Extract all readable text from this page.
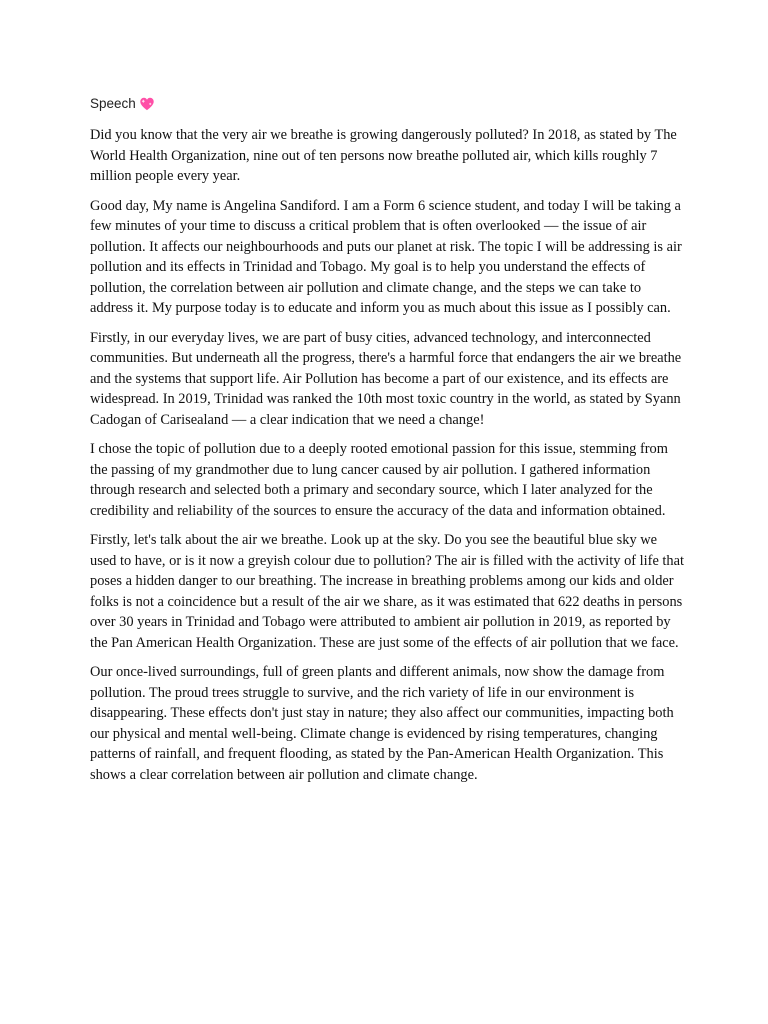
Speech

Did you know that the very air we breathe is growing dangerously polluted? In 2018, as stated by The World Health Organization, nine out of ten persons now breathe polluted air, which kills roughly 7 million people every year.

Good day, My name is Angelina Sandiford. I am a Form 6 science student, and today I will be taking a few minutes of your time to discuss a critical problem that is often overlooked — the issue of air pollution. It affects our neighbourhoods and puts our planet at risk. The topic I will be addressing is air pollution and its effects in Trinidad and Tobago. My goal is to help you understand the effects of pollution, the correlation between air pollution and climate change, and the steps we can take to address it. My purpose today is to educate and inform you as much about this issue as I possibly can.

Firstly, in our everyday lives, we are part of busy cities, advanced technology, and interconnected communities. But underneath all the progress, there's a harmful force that endangers the air we breathe and the systems that support life. Air Pollution has become a part of our existence, and its effects are widespread. In 2019, Trinidad was ranked the 10th most toxic country in the world, as stated by Syann Cadogan of Carisealand — a clear indication that we need a change!

I chose the topic of pollution due to a deeply rooted emotional passion for this issue, stemming from the passing of my grandmother due to lung cancer caused by air pollution. I gathered information through research and selected both a primary and secondary source, which I later analyzed for the credibility and reliability of the sources to ensure the accuracy of the data and information obtained.

Firstly, let's talk about the air we breathe. Look up at the sky. Do you see the beautiful blue sky we used to have, or is it now a greyish colour due to pollution? The air is filled with the activity of life that poses a hidden danger to our breathing. The increase in breathing problems among our kids and older folks is not a coincidence but a result of the air we share, as it was estimated that 622 deaths in persons over 30 years in Trinidad and Tobago were attributed to ambient air pollution in 2019, as reported by the Pan American Health Organization. These are just some of the effects of air pollution that we face.

Our once-lived surroundings, full of green plants and different animals, now show the damage from pollution. The proud trees struggle to survive, and the rich variety of life in our environment is disappearing. These effects don't just stay in nature; they also affect our communities, impacting both our physical and mental well-being. Climate change is evidenced by rising temperatures, changing patterns of rainfall, and frequent flooding, as stated by the Pan-American Health Organization. This shows a clear correlation between air pollution and climate change.
